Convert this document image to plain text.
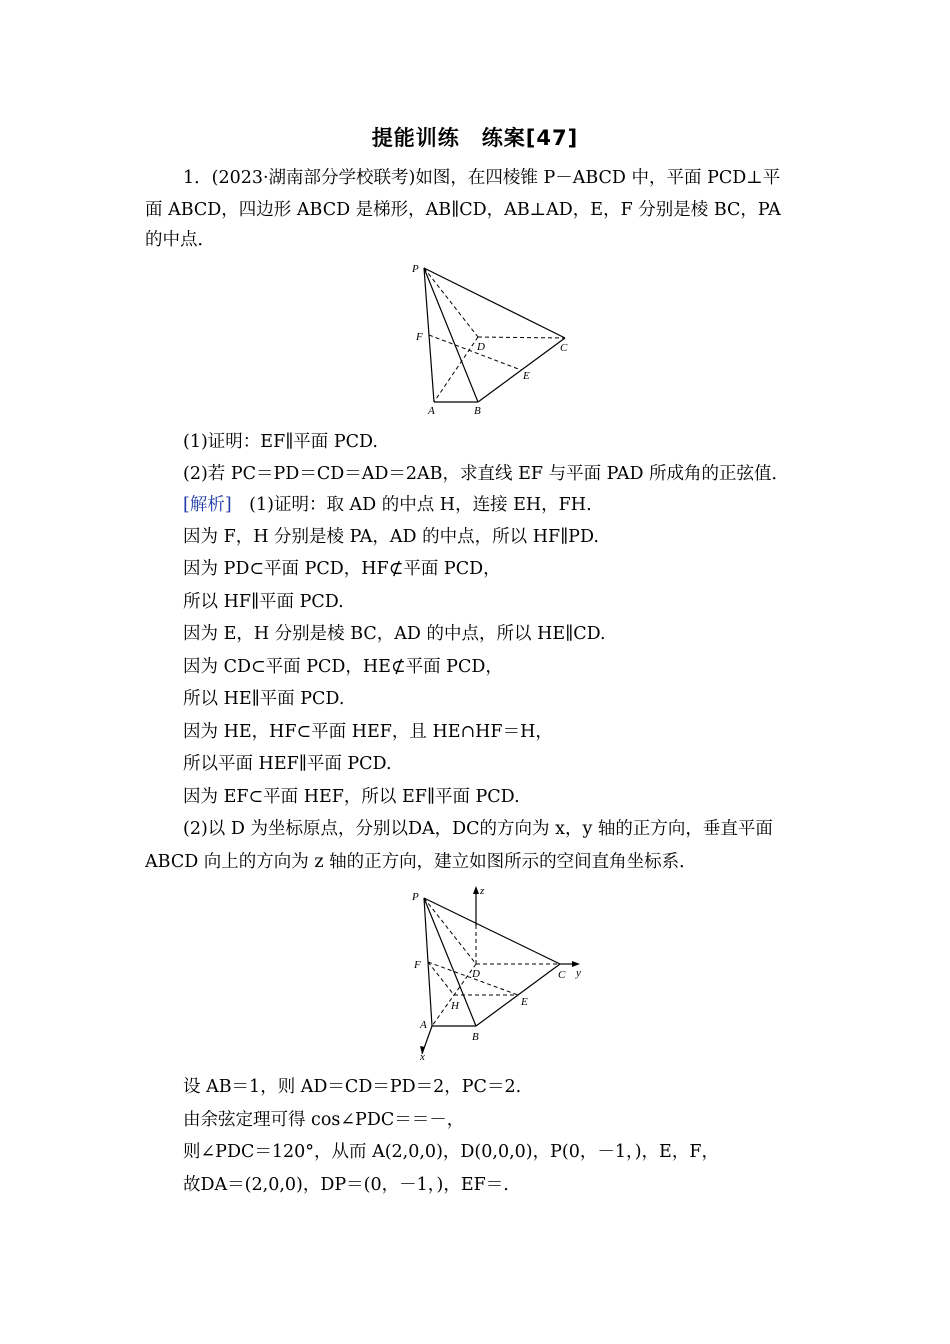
提能训练　练案[47]
1．(2023·湖南部分学校联考)如图，在四棱锥 P－ABCD 中，平面 PCD⊥平
面 ABCD，四边形 ABCD 是梯形，AB∥CD，AB⊥AD，E，F 分别是棱 BC，PA
的中点．
P
F
D	C
E
A	B
(1)证明：EF∥平面 PCD.
(2)若 PC＝PD＝CD＝AD＝2AB，求直线 EF 与平面 PAD 所成角的正弦值．
[解析]　(1)证明：取 AD 的中点 H，连接 EH，FH.
因为 F，H 分别是棱 PA，AD 的中点，所以 HF∥PD.
因为 PD⊂平面 PCD，HF⊄平面 PCD，
所以 HF∥平面 PCD.
因为 E，H 分别是棱 BC，AD 的中点，所以 HE∥CD.
因为 CD⊂平面 PCD，HE⊄平面 PCD，
所以 HE∥平面 PCD.
因为 HE，HF⊂平面 HEF，且 HE∩HF＝H，
所以平面 HEF∥平面 PCD.
因为 EF⊂平面 HEF，所以 EF∥平面 PCD.
(2)以 D 为坐标原点，分别以DA，DC的方向为 x，y 轴的正方向，垂直平面
ABCD 向上的方向为 z 轴的正方向，建立如图所示的空间直角坐标系．
P	z
F
D	C y
E
H
A
B
x
设 AB＝1，则 AD＝CD＝PD＝2，PC＝2.
由余弦定理可得 cos∠PDC＝＝－，
则∠PDC＝120°，从而 A(2,0,0)，D(0,0,0)，P(0，－1，)，E，F，
故DA＝(2,0,0)，DP＝(0，－1，)，EF＝.
